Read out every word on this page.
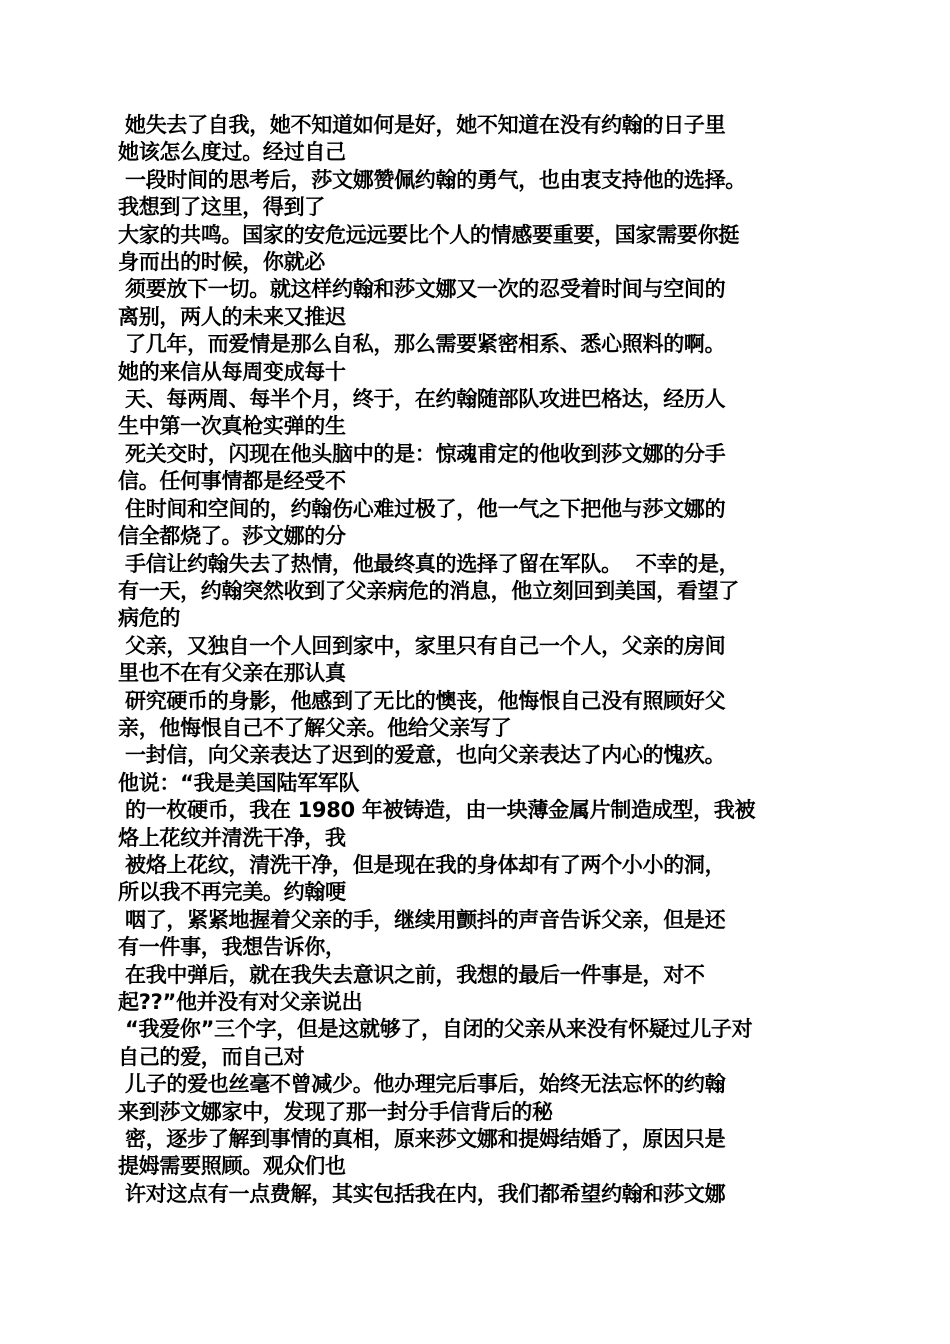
她失去了自我，她不知道如何是好，她不知道在没有约翰的日子里
她该怎么度过。经过自己
一段时间的思考后，莎文娜赞佩约翰的勇气，也由衷支持他的选择。
我想到了这里，得到了
大家的共鸣。国家的安危远远要比个人的情感要重要，国家需要你挺
身而出的时候，你就必
须要放下一切。就这样约翰和莎文娜又一次的忍受着时间与空间的
离别，两人的未来又推迟
了几年，而爱情是那么自私，那么需要紧密相系、悉心照料的啊。
她的来信从每周变成每十
天、每两周、每半个月，终于，在约翰随部队攻进巴格达，经历人
生中第一次真枪实弹的生
死关交时，闪现在他头脑中的是：惊魂甫定的他收到莎文娜的分手
信。任何事情都是经受不
住时间和空间的，约翰伤心难过极了，他一气之下把他与莎文娜的
信全都烧了。莎文娜的分
手信让约翰失去了热情，他最终真的选择了留在军队。  不幸的是，
有一天，约翰突然收到了父亲病危的消息，他立刻回到美国，看望了
病危的
父亲，又独自一个人回到家中，家里只有自己一个人，父亲的房间
里也不在有父亲在那认真
研究硬币的身影，他感到了无比的懊丧，他悔恨自己没有照顾好父
亲，他悔恨自己不了解父亲。他给父亲写了
一封信，向父亲表达了迟到的爱意，也向父亲表达了内心的愧疚。
他说：“我是美国陆军军队
的一枚硬币，我在 1980 年被铸造，由一块薄金属片制造成型，我被
烙上花纹并清洗干净，我
被烙上花纹，清洗干净，但是现在我的身体却有了两个小小的洞，
所以我不再完美。约翰哽
咽了，紧紧地握着父亲的手，继续用颤抖的声音告诉父亲，但是还
有一件事，我想告诉你，
在我中弹后，就在我失去意识之前，我想的最后一件事是，对不
起??”他并没有对父亲说出
“我爱你”三个字，但是这就够了，自闭的父亲从来没有怀疑过儿子对
自己的爱，而自己对
儿子的爱也丝毫不曾减少。他办理完后事后，始终无法忘怀的约翰
来到莎文娜家中，发现了那一封分手信背后的秘
密，逐步了解到事情的真相，原来莎文娜和提姆结婚了，原因只是
提姆需要照顾。观众们也
许对这点有一点费解，其实包括我在内，我们都希望约翰和莎文娜
